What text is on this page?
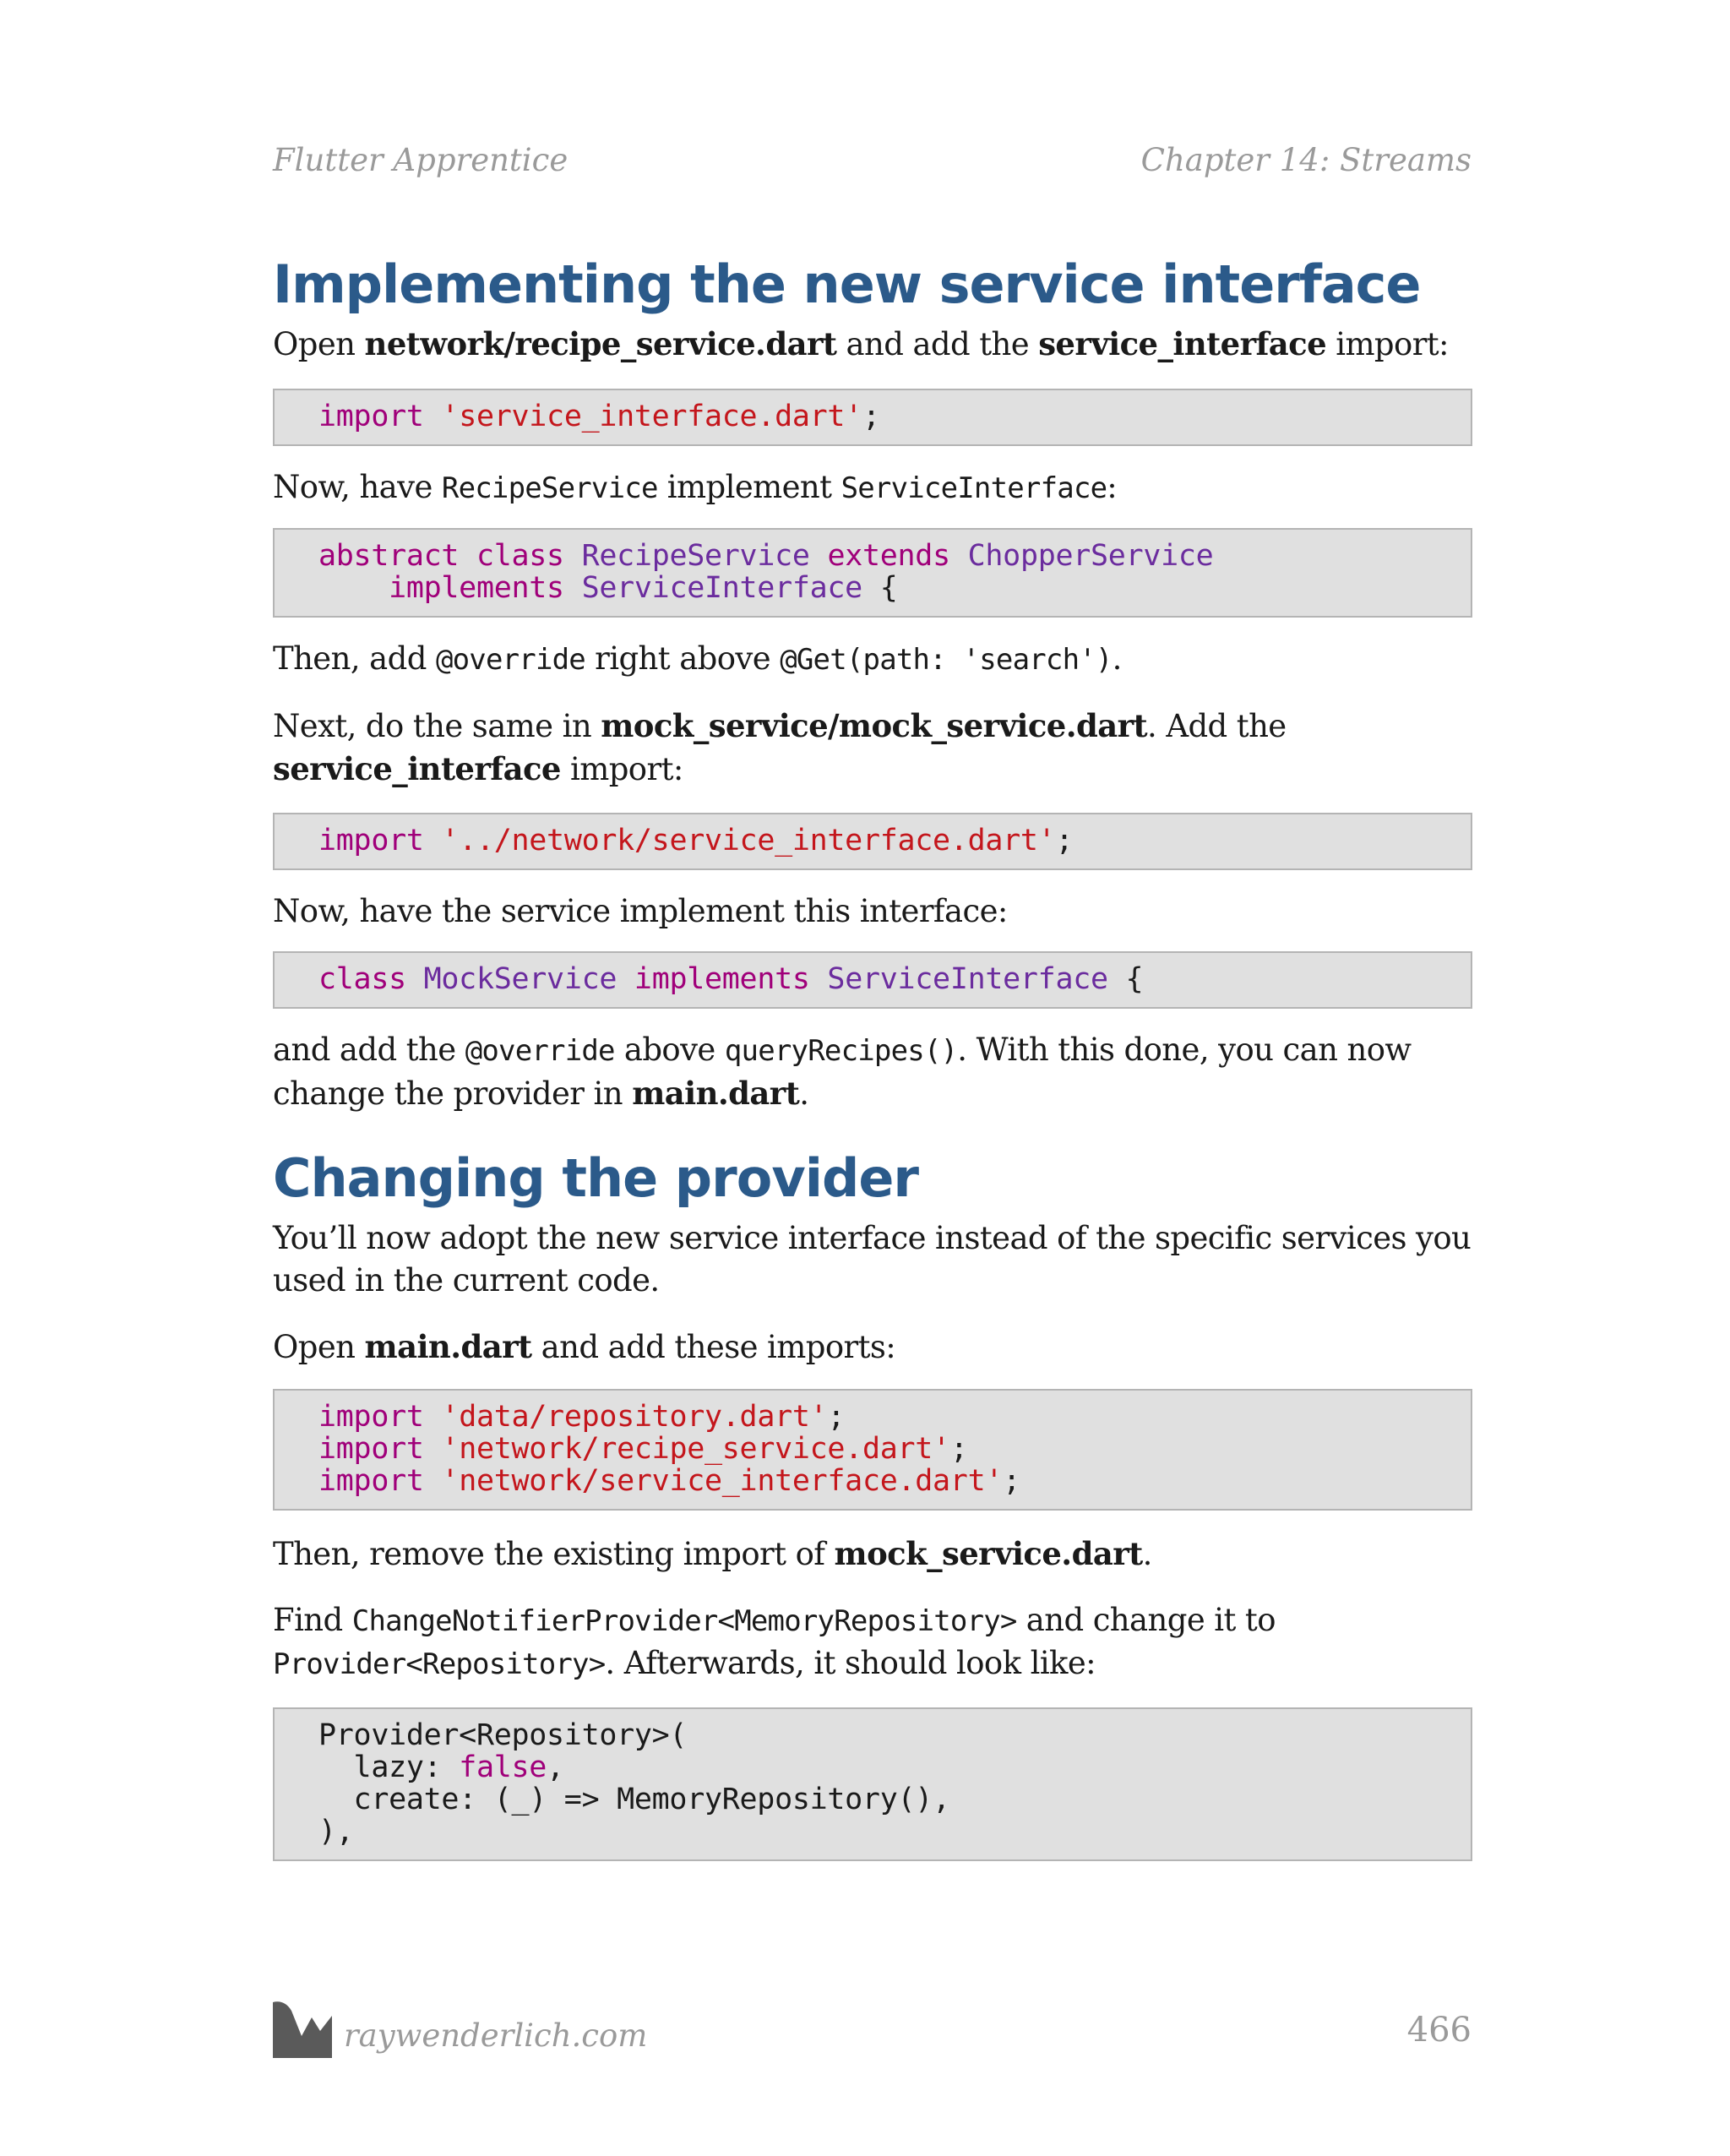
Flutter Apprentice	Chapter 14: Streams
Implementing the new service interface

Open network/recipe_service.dart and add the service_interface import:

import 'service_interface.dart';

Now, have RecipeService implement ServiceInterface:

abstract class RecipeService extends ChopperService
implements ServiceInterface {

Then, add @override right above @Get(path: 'search').

Next, do the same in mock_service/mock_service.dart. Add the service_interface import:

import '../network/service_interface.dart';

Now, have the service implement this interface:

class MockService implements ServiceInterface {

and add the @override above queryRecipes(). With this done, you can now change the provider in main.dart.

Changing the provider

You’ll now adopt the new service interface instead of the specific services you used in the current code.

Open main.dart and add these imports:

import 'data/repository.dart';
import 'network/recipe_service.dart';
import 'network/service_interface.dart';

Then, remove the existing import of mock_service.dart.

Find ChangeNotifierProvider<MemoryRepository> and change it to Provider<Repository>. Afterwards, it should look like:

Provider<Repository>(
lazy: false,
create: (_) => MemoryRepository(),
),
raywenderlich.com	466
